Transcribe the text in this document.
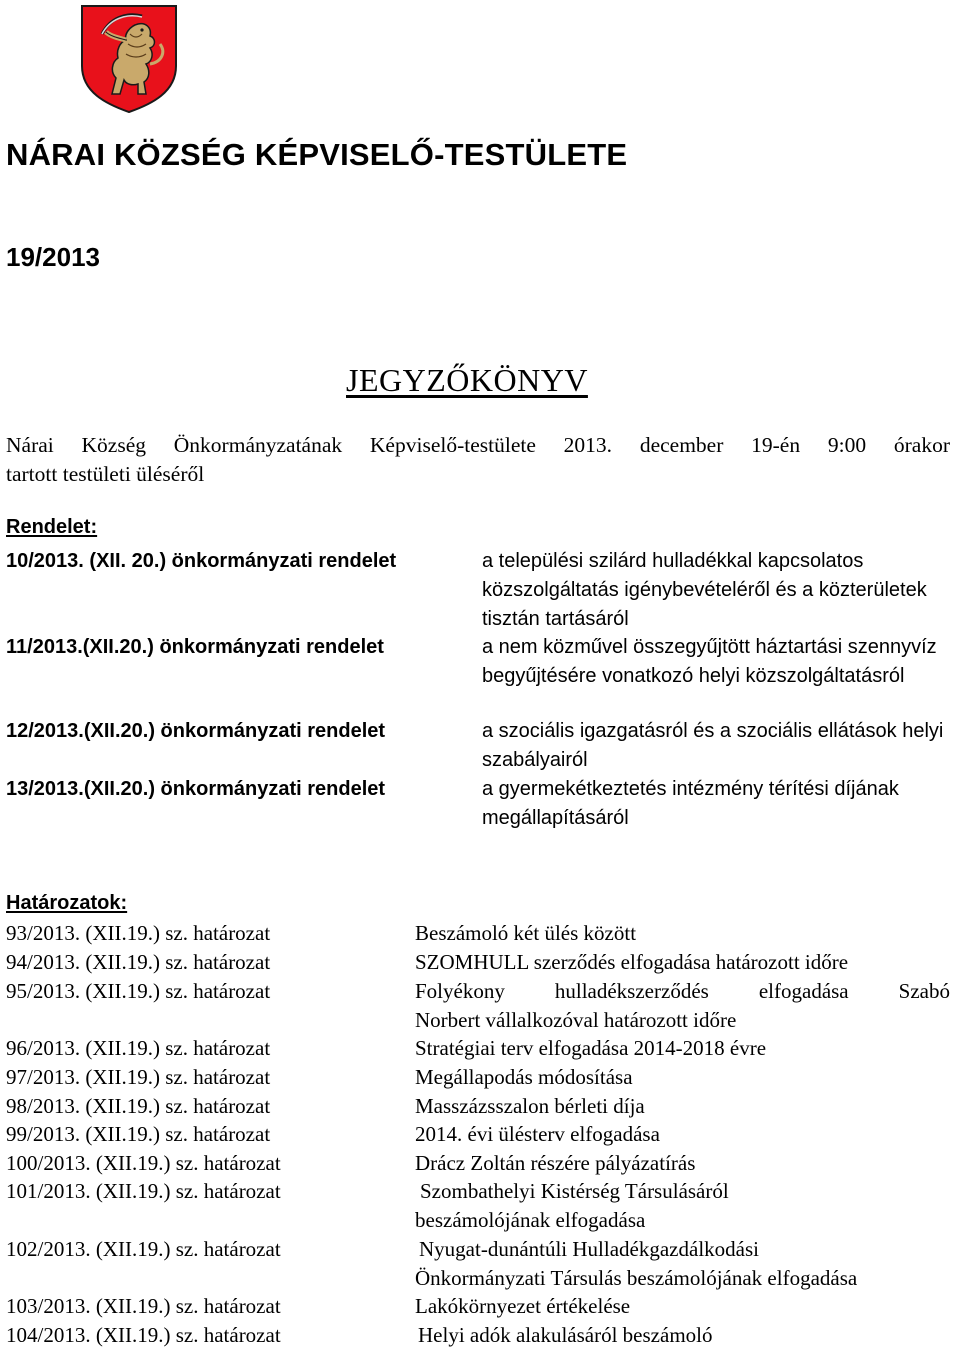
NÁRAI KÖZSÉG KÉPVISELŐ-TESTÜLETE
19/2013
JEGYZŐKÖNYV
Nárai Község Önkormányzatának Képviselő-testülete 2013. december 19-én 9:00 órakor
tartott testületi üléséről
Rendelet:
10/2013. (XII. 20.) önkormányzati rendelet	a települési szilárd hulladékkal kapcsolatos közszolgáltatás igénybevételéről és a közterületek tisztán tartásáról
11/2013.(XII.20.) önkormányzati rendelet	a nem közművel összegyűjtött háztartási szennyvíz begyűjtésére vonatkozó helyi közszolgáltatásról
12/2013.(XII.20.) önkormányzati rendelet	a szociális igazgatásról és a szociális ellátások helyi szabályairól
13/2013.(XII.20.) önkormányzati rendelet	a gyermekétkeztetés intézmény térítési díjának megállapításáról
Határozatok:
93/2013. (XII.19.) sz. határozat	Beszámoló két ülés között
94/2013. (XII.19.) sz. határozat	SZOMHULL szerződés elfogadása határozott időre
95/2013. (XII.19.) sz. határozat	Folyékony hulladékszerződés elfogadása Szabó
Norbert vállalkozóval határozott időre
96/2013. (XII.19.) sz. határozat	Stratégiai terv elfogadása 2014-2018 évre
97/2013. (XII.19.) sz. határozat	Megállapodás módosítása
98/2013. (XII.19.) sz. határozat	Masszázsszalon bérleti díja
99/2013. (XII.19.) sz. határozat	2014. évi ülésterv elfogadása
100/2013. (XII.19.) sz. határozat	Drácz Zoltán részére pályázatírás
101/2013. (XII.19.) sz. határozat	Szombathelyi Kistérség Társulásáról
beszámolójának elfogadása
102/2013. (XII.19.) sz. határozat	Nyugat-dunántúli Hulladékgazdálkodási
Önkormányzati Társulás beszámolójának elfogadása
103/2013. (XII.19.) sz. határozat	Lakókörnyezet értékelése
104/2013. (XII.19.) sz. határozat	Helyi adók alakulásáról beszámoló
